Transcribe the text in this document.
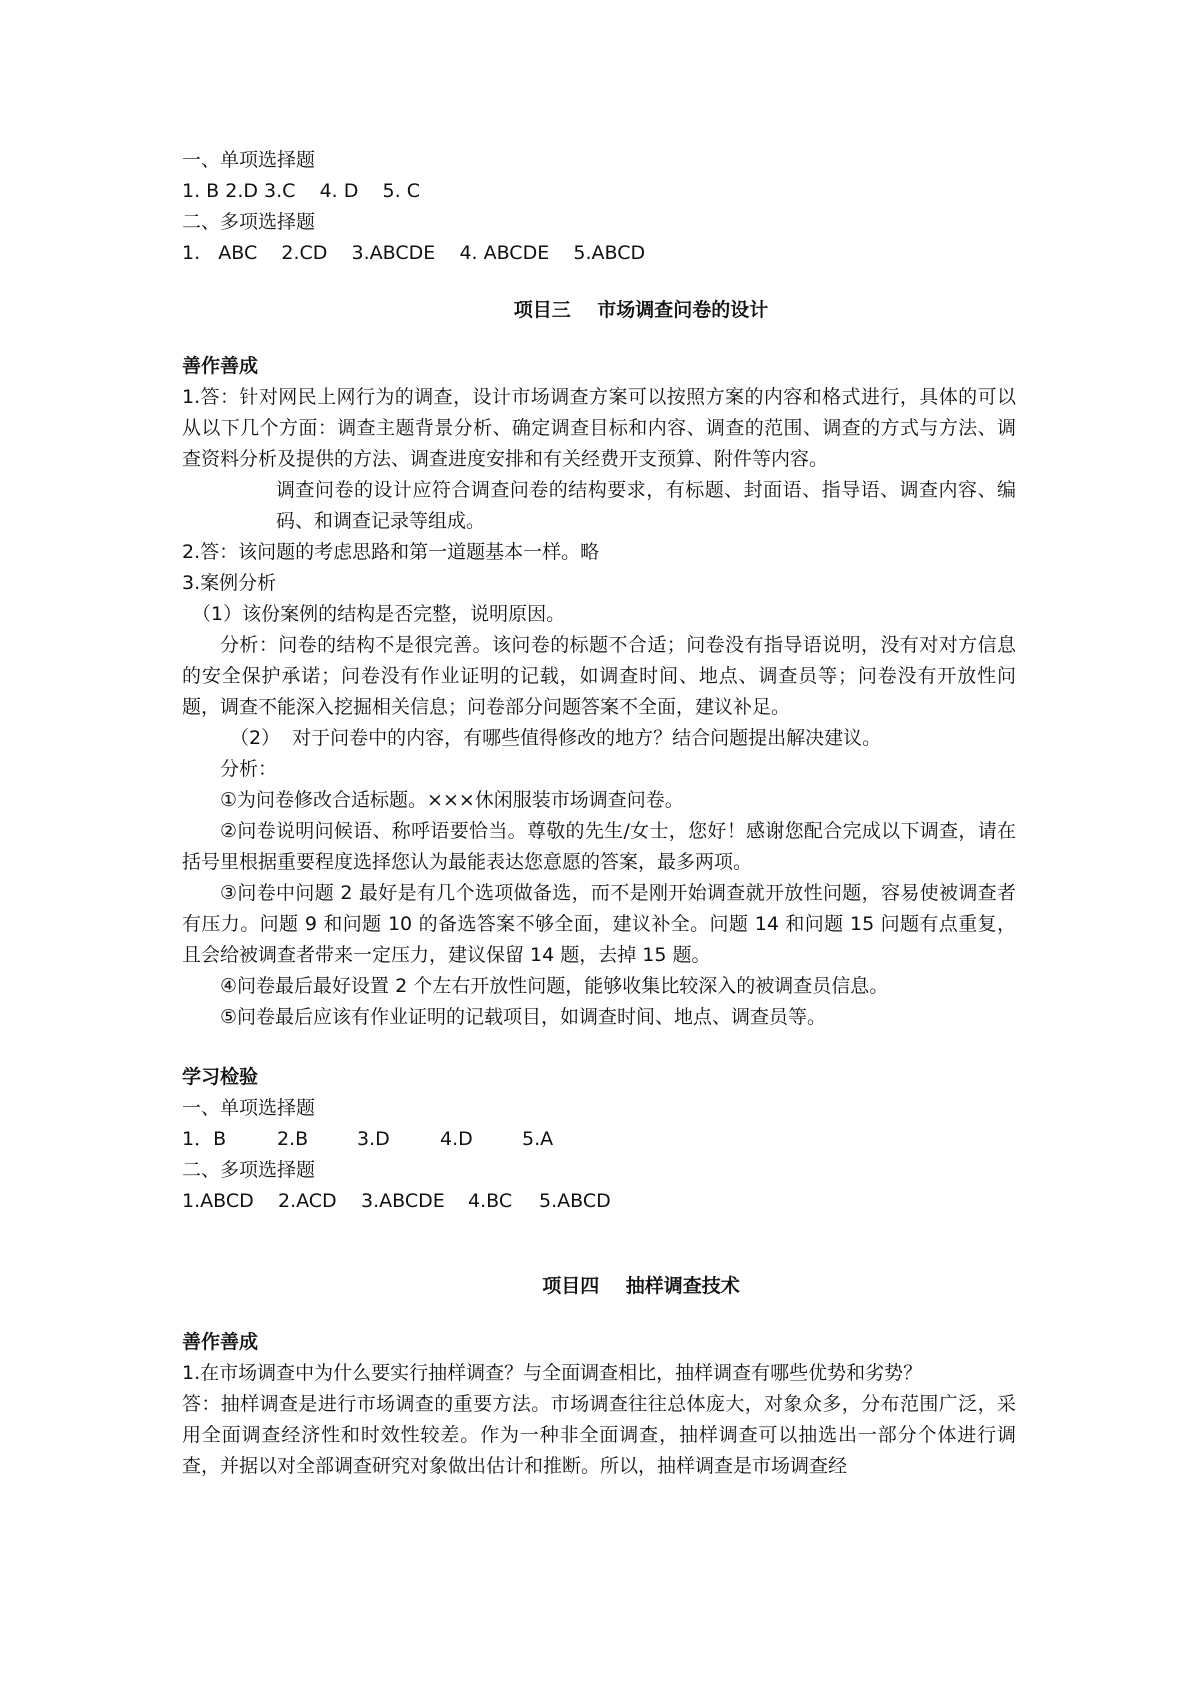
一、单项选择题
1. B 2.D 3.C    4. D    5. C
二、多项选择题
1.   ABC    2.CD    3.ABCDE    4. ABCDE    5.ABCD
项目三    市场调查问卷的设计
善作善成
1.答：针对网民上网行为的调查，设计市场调查方案可以按照方案的内容和格式进行，具体的可以从以下几个方面：调查主题背景分析、确定调查目标和内容、调查的范围、调查的方式与方法、调查资料分析及提供的方法、调查进度安排和有关经费开支预算、附件等内容。
调查问卷的设计应符合调查问卷的结构要求，有标题、封面语、指导语、调查内容、编码、和调查记录等组成。
2.答：该问题的考虑思路和第一道题基本一样。略
3.案例分析
（1）该份案例的结构是否完整，说明原因。
分析：问卷的结构不是很完善。该问卷的标题不合适；问卷没有指导语说明，没有对对方信息的安全保护承诺；问卷没有作业证明的记载，如调查时间、地点、调查员等；问卷没有开放性问题，调查不能深入挖掘相关信息；问卷部分问题答案不全面，建议补足。
（2）  对于问卷中的内容，有哪些值得修改的地方？结合问题提出解决建议。
分析：
①为问卷修改合适标题。×××休闲服装市场调查问卷。
②问卷说明问候语、称呼语要恰当。尊敬的先生/女士，您好！感谢您配合完成以下调查，请在括号里根据重要程度选择您认为最能表达您意愿的答案，最多两项。
③问卷中问题 2 最好是有几个选项做备选，而不是刚开始调查就开放性问题，容易使被调查者有压力。问题 9 和问题 10 的备选答案不够全面，建议补全。问题 14 和问题 15 问题有点重复，且会给被调查者带来一定压力，建议保留 14 题，去掉 15 题。
④问卷最后最好设置 2 个左右开放性问题，能够收集比较深入的被调查员信息。
⑤问卷最后应该有作业证明的记载项目，如调查时间、地点、调查员等。
学习检验
一、单项选择题
1．B	2.B	3.D	4.D	5.A
二、多项选择题
1.ABCD 2.ACD 3.ABCDE 4.BC 5.ABCD
项目四    抽样调查技术
善作善成
1.在市场调查中为什么要实行抽样调查？与全面调查相比，抽样调查有哪些优势和劣势？
答：抽样调查是进行市场调查的重要方法。市场调查往往总体庞大，对象众多，分布范围广泛，采用全面调查经济性和时效性较差。作为一种非全面调查，抽样调查可以抽选出一部分个体进行调查，并据以对全部调查研究对象做出估计和推断。所以，抽样调查是市场调查经
